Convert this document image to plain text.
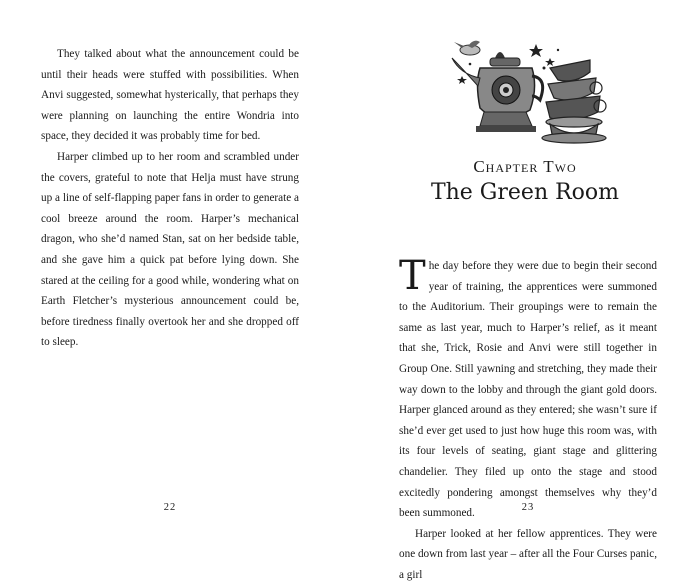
They talked about what the announcement could be until their heads were stuffed with possibilities. When Anvi suggested, somewhat hysterically, that perhaps they were planning on launching the entire Wondria into space, they decided it was probably time for bed.

Harper climbed up to her room and scrambled under the covers, grateful to note that Helja must have strung up a line of self-flapping paper fans in order to generate a cool breeze around the room. Harper’s mechanical dragon, who she’d named Stan, sat on her bedside table, and she gave him a quick pat before lying down. She stared at the ceiling for a good while, wondering what on Earth Fletcher’s mysterious announcement could be, before tiredness finally overtook her and she dropped off to sleep.

22
Chapter Two
The Green Room

The day before they were due to begin their second year of training, the apprentices were summoned to the Auditorium. Their groupings were to remain the same as last year, much to Harper’s relief, as it meant that she, Trick, Rosie and Anvi were still together in Group One. Still yawning and stretching, they made their way down to the lobby and through the giant gold doors. Harper glanced around as they entered; she wasn’t sure if she’d ever get used to just how huge this room was, with its four levels of seating, giant stage and glittering chandelier. They filed up onto the stage and stood excitedly pondering amongst themselves why they’d been summoned.

Harper looked at her fellow apprentices. They were one down from last year – after all the Four Curses panic, a girl

23
